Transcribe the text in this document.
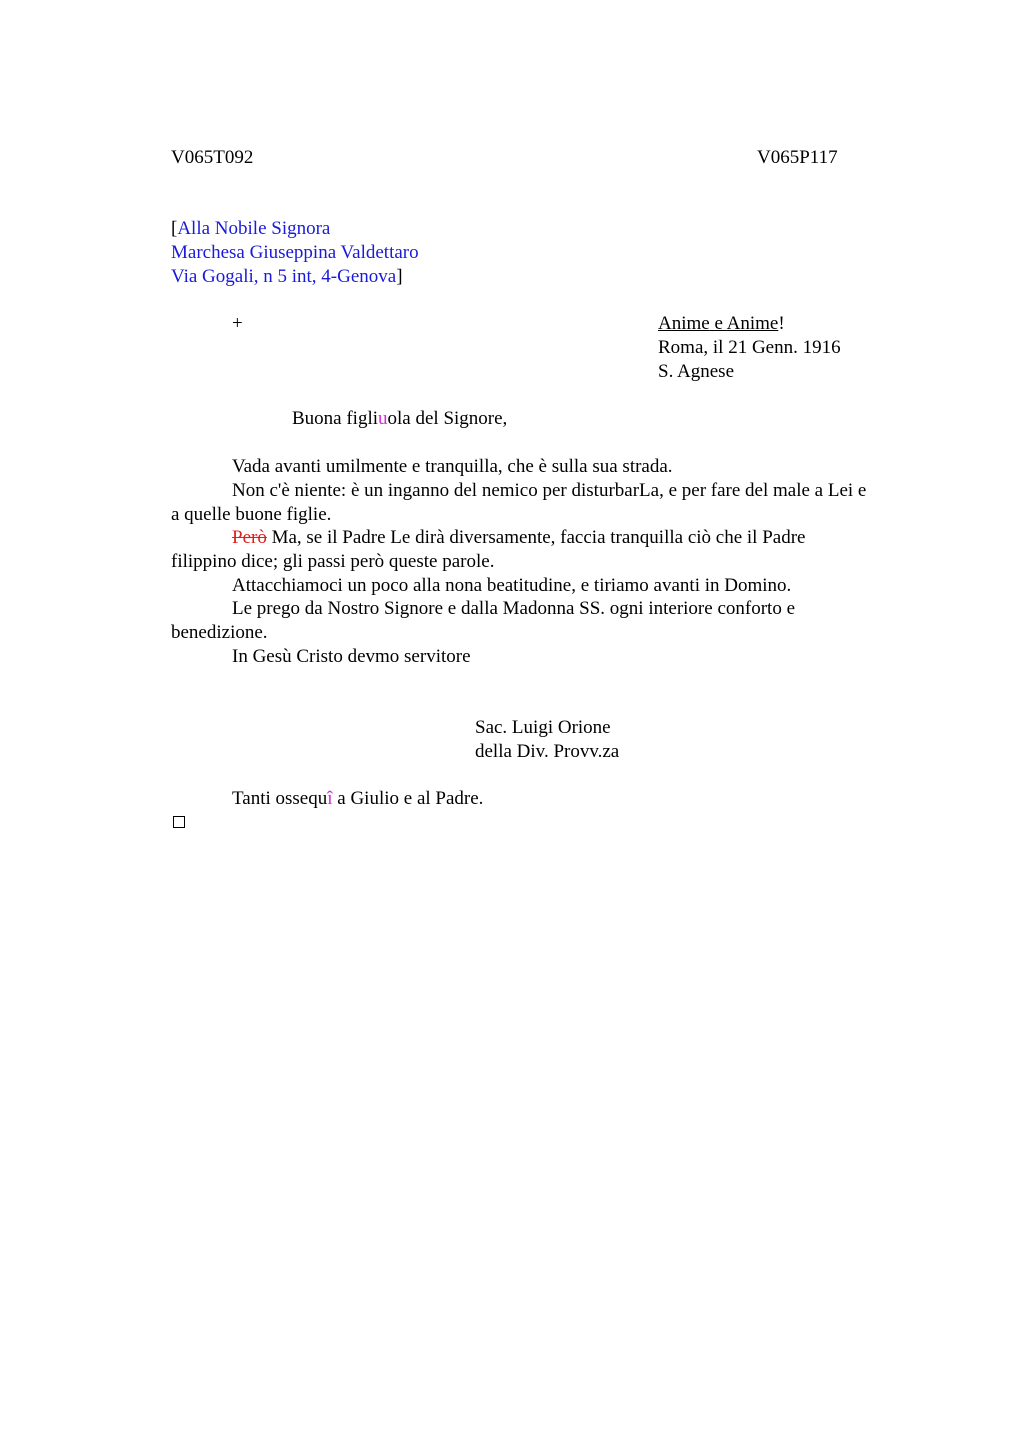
V065T092	V065P117
[Alla Nobile Signora
Marchesa Giuseppina Valdettaro
Via Gogali, n 5 int, 4-Genova]
+	Anime e Anime!
Roma, il 21 Genn. 1916
S. Agnese
Buona figliuola del Signore,
Vada avanti umilmente e tranquilla, che è sulla sua strada.
Non c'è niente: è un inganno del nemico per disturbarLa, e per fare del male a Lei e
a quelle buone figlie.
Però Ma, se il Padre Le dirà diversamente, faccia tranquilla ciò che il Padre
filippino dice; gli passi però queste parole.
Attacchiamoci un poco alla nona beatitudine, e tiriamo avanti in Domino.
Le prego da Nostro Signore e dalla Madonna SS. ogni interiore conforto e
benedizione.
In Gesù Cristo devmo servitore
Sac. Luigi Orione
della Div. Provv.za
Tanti ossequî a Giulio e al Padre.
